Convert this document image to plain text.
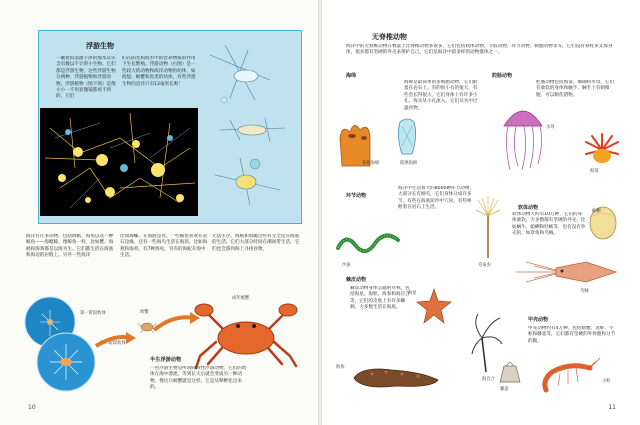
浮游生物

一碗看似清澈干净的海水其实含有数以千计的小生物。它们都是浮游生物，这些浮游生物分两种，浮游植物和浮游动物。浮游植物（图下图）是像小小一不用显微镜都看不到的，它们

们在阳光和海水中的营养物质的作用下生长繁殖。浮游动物（右图）是一些较大的动物和海洋动物的幼体，如海蜇、螃蟹和鱼类的幼体。有些浮游生物的直径只有12毫米长呢！

海洋有许多动物，包括海蛞、海龟以及一种鲸鱼——海鳃鲸。像鲸鱼一样，比如蟹、海鸥和海葵都是以海为生。它们都生活在海底和海边的岩缝上。另外一些海洋

比如海螺，在海底觅食，一些鲸鱼喜欢在岩石边缘，还有一些海鸟生活在海滨，比如海燕和海鸡，有7种海龟，另有的海蛇在海中生活。

无法生存。海蛞和海鳃这些有完全适应海底的生活，它们大部分时间在潮间带生活，它们也会游到海上寻找食物。

第一阶段幼体
第二阶段幼体
幼蟹
成年螃蟹
半生浮游动物

一些浮游生物是所谓阶段性浮游动物。它们的幼体在海中漂流，等到长大后就会变成另一种动物，像这只螃蟹就是这样，它是从卵孵化出来的。

10
无脊椎动物

海洋中的无脊椎动物在数量上比脊椎动物多很多，它们包括软体动物、节肢动物、环节动物、刺胞动物等等，它们没有脊柱来支撑身体，很多都有坚硬的外壳来保护自己。它们是海洋中最多样的动物群体之一。

海绵

海绵是最简单的多细胞动物，它们附着在岩石上。有的很小有的很大，有些会长得很大，它们身体上有许多小孔，海水从小孔流入，它们从水中过滤食物。

花瓶海绵	玻璃海绵
腔肠动物

腔肠动物包括海葵、珊瑚和水母，它们有柔软的身体和触手，触手上有刺细胞，可以刺伤猎物。

水母
海葵
环节动物

海洋中生活着大约8000种环节动物，大部分长有刚毛，它们身体分成许多节，有些在海底泥沙中穴居，有些则附着在岩石上生活。

沙蚕	毛扇虫
软体动物

软体动物大约有10万种，它们的身体柔软，大多数都有坚硬的外壳，比如蜗牛、蛤蜊和牡蛎等，也有没有外壳的，如章鱼和乌贼。

蛤蜊
乌贼
棘皮动物

棘皮动物身体呈辐射对称，包括海星、海胆、海参和海百合等，它们的皮肤上有许多棘刺，大多数生活在海底。

海星
海参
海百合
甲壳动物

甲壳动物约有4万种，包括螃蟹、龙虾、小虾和藤壶等，它们都有坚硬的外骨骼和分节的腿。

小虾
藤壶
11
